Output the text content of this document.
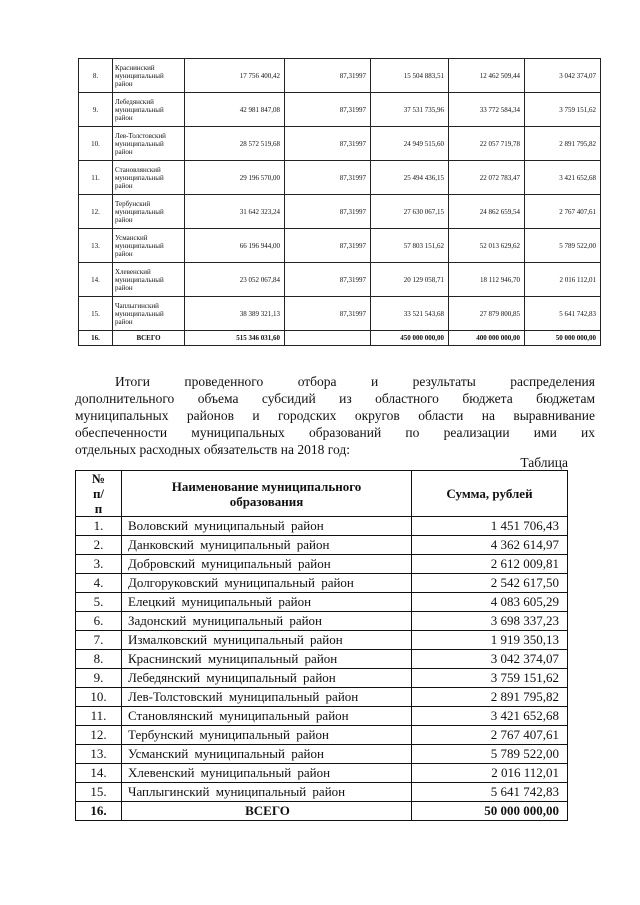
8.	Краснинский муниципальный район	17 756 400,42		87,31997	15 504 883,51	12 462 509,44	3 042 374,07
9.	Лебедянский муниципальный район	42 981 847,08		87,31997	37 531 735,96	33 772 584,34	3 759 151,62
10.	Лев-Толстовский муниципальный район	28 572 519,68		87,31997	24 949 515,60	22 057 719,78	2 891 795,82
11.	Становлянский муниципальный район	29 196 570,00		87,31997	25 494 436,15	22 072 783,47	3 421 652,68
12.	Тербунский муниципальный район	31 642 323,24		87,31997	27 630 067,15	24 862 659,54	2 767 407,61
13.	Усманский муниципальный район	66 196 944,00		87,31997	57 803 151,62	52 013 629,62	5 789 522,00
14.	Хлевенский муниципальный район	23 052 067,84		87,31997	20 129 058,71	18 112 946,70	2 016 112,01
15.	Чаплыгинский муниципальный район	38 389 321,13		87,31997	33 521 543,68	27 879 800,85	5 641 742,83
16.	ВСЕГО	515 346 031,60			450 000 000,00	400 000 000,00	50 000 000,00
Итоги проведенного отбора и результаты распределения
дополнительного объема субсидий из областного бюджета бюджетам
муниципальных районов и городских округов области на выравнивание
обеспеченности муниципальных образований по реализации ими их
отдельных расходных обязательств на 2018 год:
Таблица
№ п/п	Наименование муниципального образования	Сумма, рублей
1.	Воловский муниципальный район	1 451 706,43
2.	Данковский муниципальный район	4 362 614,97
3.	Добровский муниципальный район	2 612 009,81
4.	Долгоруковский муниципальный район	2 542 617,50
5.	Елецкий муниципальный район	4 083 605,29
6.	Задонский муниципальный район	3 698 337,23
7.	Измалковский муниципальный район	1 919 350,13
8.	Краснинский муниципальный район	3 042 374,07
9.	Лебедянский муниципальный район	3 759 151,62
10.	Лев-Толстовский муниципальный район	2 891 795,82
11.	Становлянский муниципальный район	3 421 652,68
12.	Тербунский муниципальный район	2 767 407,61
13.	Усманский муниципальный район	5 789 522,00
14.	Хлевенский муниципальный район	2 016 112,01
15.	Чаплыгинский муниципальный район	5 641 742,83
16.	ВСЕГО	50 000 000,00
